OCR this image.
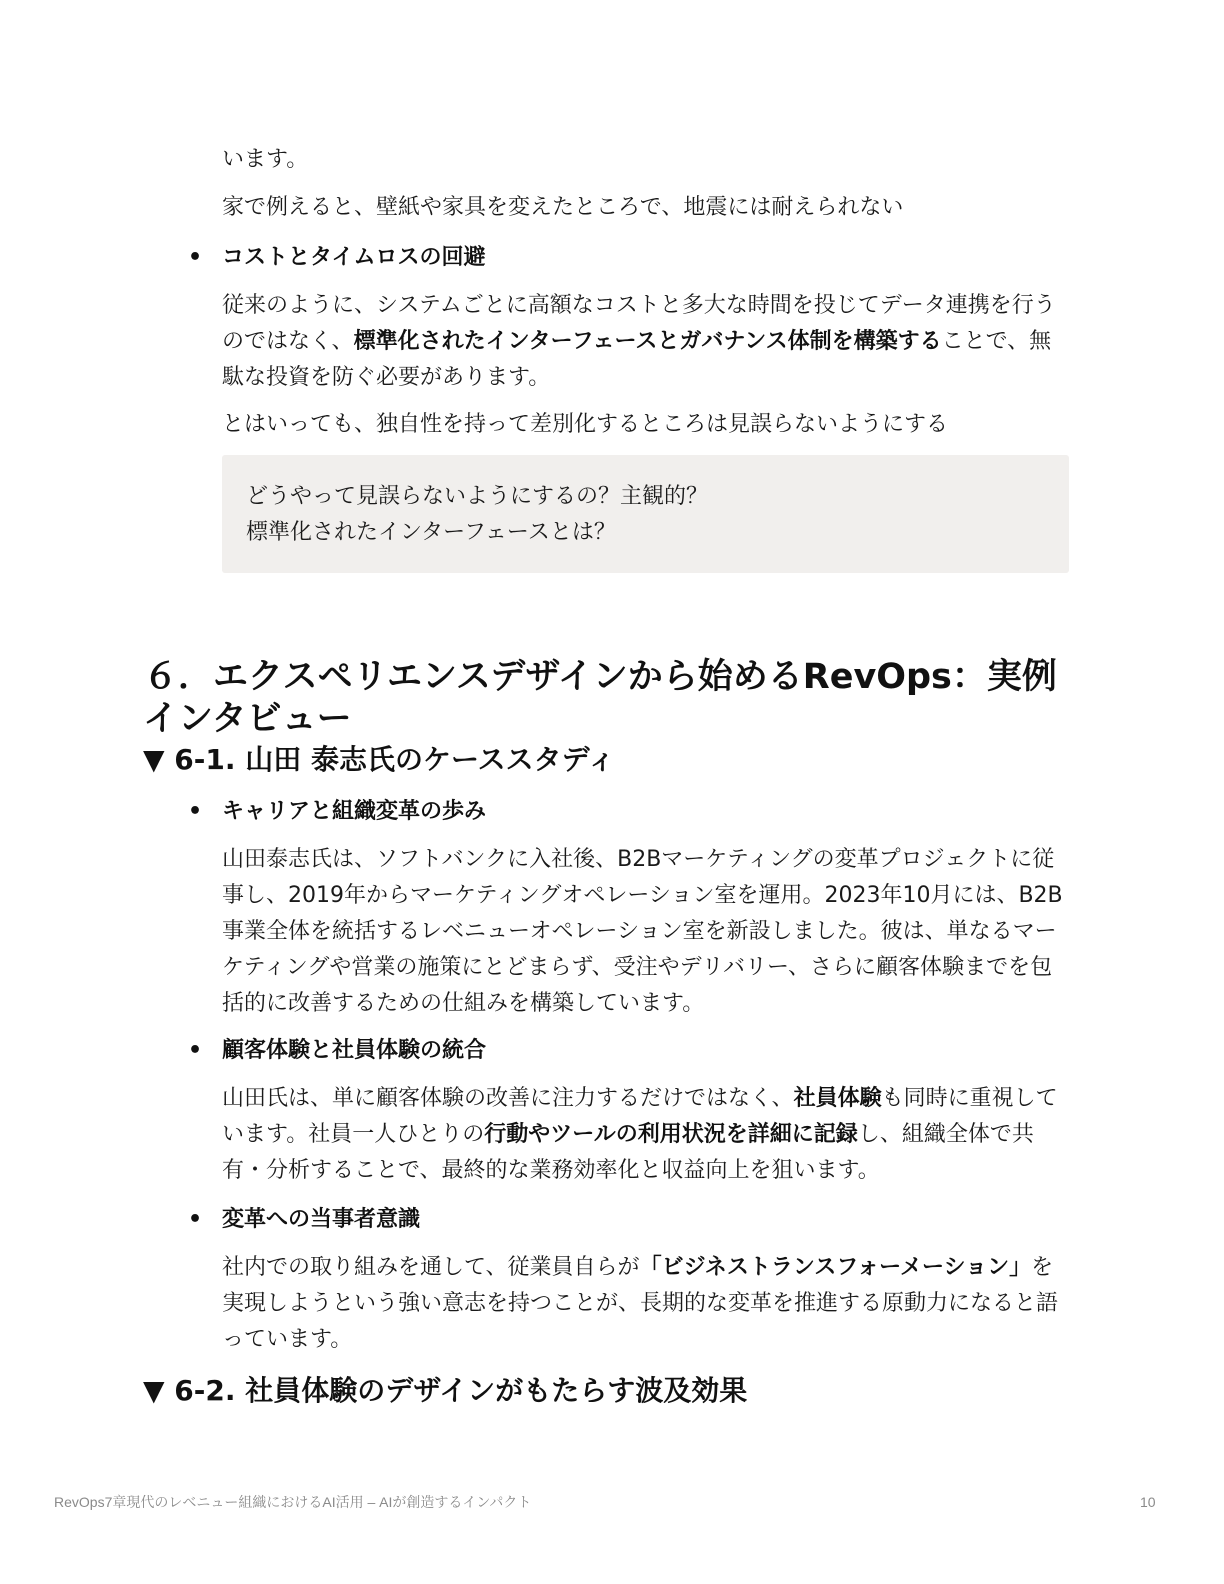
います。
家で例えると、壁紙や家具を変えたところで、地震には耐えられない
• コストとタイムロスの回避
従来のように、システムごとに高額なコストと多大な時間を投じてデータ連携を行うのではなく、標準化されたインターフェースとガバナンス体制を構築することで、無駄な投資を防ぐ必要があります。
とはいっても、独自性を持って差別化するところは見誤らないようにする
どうやって見誤らないようにするの？主観的？
標準化されたインターフェースとは？
６．エクスペリエンスデザインから始めるRevOps：実例インタビュー
▼ 6-1. 山田 泰志氏のケーススタディ
• キャリアと組織変革の歩み
山田泰志氏は、ソフトバンクに入社後、B2Bマーケティングの変革プロジェクトに従事し、2019年からマーケティングオペレーション室を運用。2023年10月には、B2B事業全体を統括するレベニューオペレーション室を新設しました。彼は、単なるマーケティングや営業の施策にとどまらず、受注やデリバリー、さらに顧客体験までを包括的に改善するための仕組みを構築しています。
• 顧客体験と社員体験の統合
山田氏は、単に顧客体験の改善に注力するだけではなく、社員体験も同時に重視しています。社員一人ひとりの行動やツールの利用状況を詳細に記録し、組織全体で共有・分析することで、最終的な業務効率化と収益向上を狙います。
• 変革への当事者意識
社内での取り組みを通して、従業員自らが「ビジネストランスフォーメーション」を実現しようという強い意志を持つことが、長期的な変革を推進する原動力になると語っています。
▼ 6-2. 社員体験のデザインがもたらす波及効果
RevOps7章現代のレベニュー組織におけるAI活用 – AIが創造するインパクト	10
